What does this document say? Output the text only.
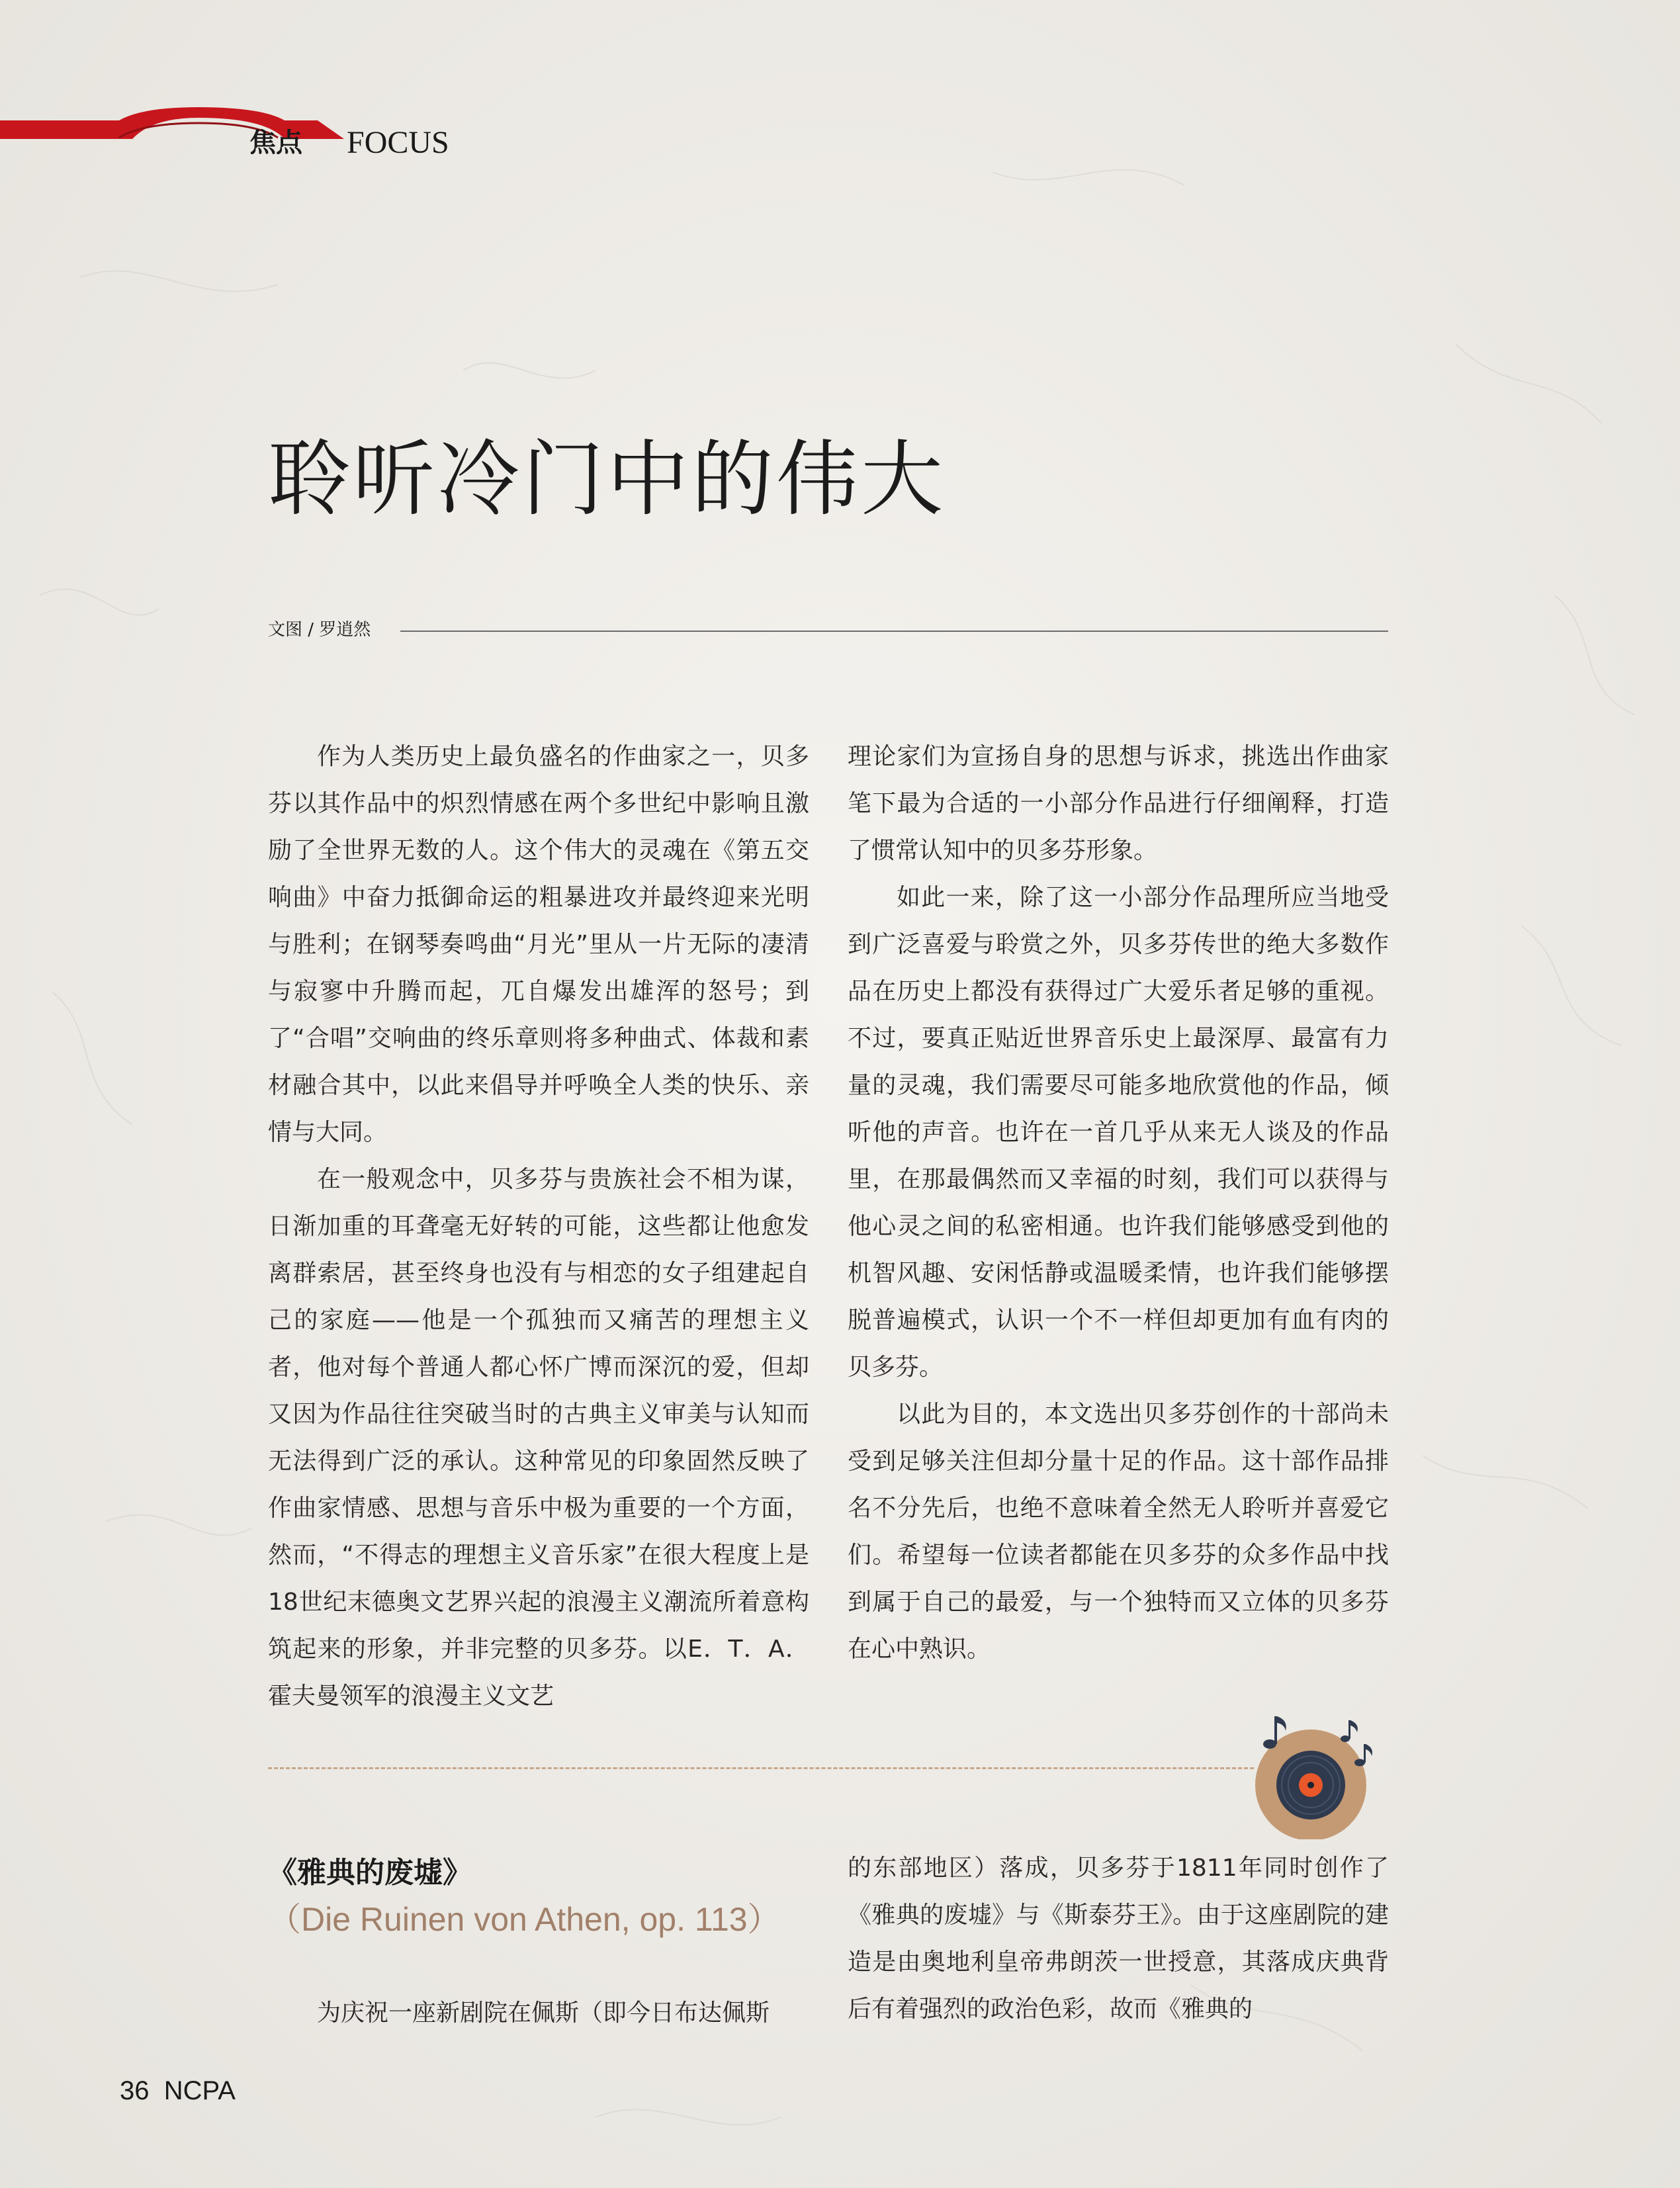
焦点 FOCUS
聆听冷门中的伟大
文图 / 罗逍然

作为人类历史上最负盛名的作曲家之一，贝多芬以其作品中的炽烈情感在两个多世纪中影响且激励了全世界无数的人。这个伟大的灵魂在《第五交响曲》中奋力抵御命运的粗暴进攻并最终迎来光明与胜利；在钢琴奏鸣曲“月光”里从一片无际的凄清与寂寥中升腾而起，兀自爆发出雄浑的怒号；到了“合唱”交响曲的终乐章则将多种曲式、体裁和素材融合其中，以此来倡导并呼唤全人类的快乐、亲情与大同。

在一般观念中，贝多芬与贵族社会不相为谋，日渐加重的耳聋毫无好转的可能，这些都让他愈发离群索居，甚至终身也没有与相恋的女子组建起自己的家庭——他是一个孤独而又痛苦的理想主义者，他对每个普通人都心怀广博而深沉的爱，但却又因为作品往往突破当时的古典主义审美与认知而无法得到广泛的承认。这种常见的印象固然反映了作曲家情感、思想与音乐中极为重要的一个方面，然而，“不得志的理想主义音乐家”在很大程度上是18世纪末德奥文艺界兴起的浪漫主义潮流所着意构筑起来的形象，并非完整的贝多芬。以E．T．A．霍夫曼领军的浪漫主义文艺

理论家们为宣扬自身的思想与诉求，挑选出作曲家笔下最为合适的一小部分作品进行仔细阐释，打造了惯常认知中的贝多芬形象。

如此一来，除了这一小部分作品理所应当地受到广泛喜爱与聆赏之外，贝多芬传世的绝大多数作品在历史上都没有获得过广大爱乐者足够的重视。不过，要真正贴近世界音乐史上最深厚、最富有力量的灵魂，我们需要尽可能多地欣赏他的作品，倾听他的声音。也许在一首几乎从来无人谈及的作品里，在那最偶然而又幸福的时刻，我们可以获得与他心灵之间的私密相通。也许我们能够感受到他的机智风趣、安闲恬静或温暖柔情，也许我们能够摆脱普遍模式，认识一个不一样但却更加有血有肉的贝多芬。

以此为目的，本文选出贝多芬创作的十部尚未受到足够关注但却分量十足的作品。这十部作品排名不分先后，也绝不意味着全然无人聆听并喜爱它们。希望每一位读者都能在贝多芬的众多作品中找到属于自己的最爱，与一个独特而又立体的贝多芬在心中熟识。

《雅典的废墟》
（Die Ruinen von Athen, op. 113）

为庆祝一座新剧院在佩斯（即今日布达佩斯

的东部地区）落成，贝多芬于1811年同时创作了《雅典的废墟》与《斯泰芬王》。由于这座剧院的建造是由奥地利皇帝弗朗茨一世授意，其落成庆典背后有着强烈的政治色彩，故而《雅典的

36  NCPA
